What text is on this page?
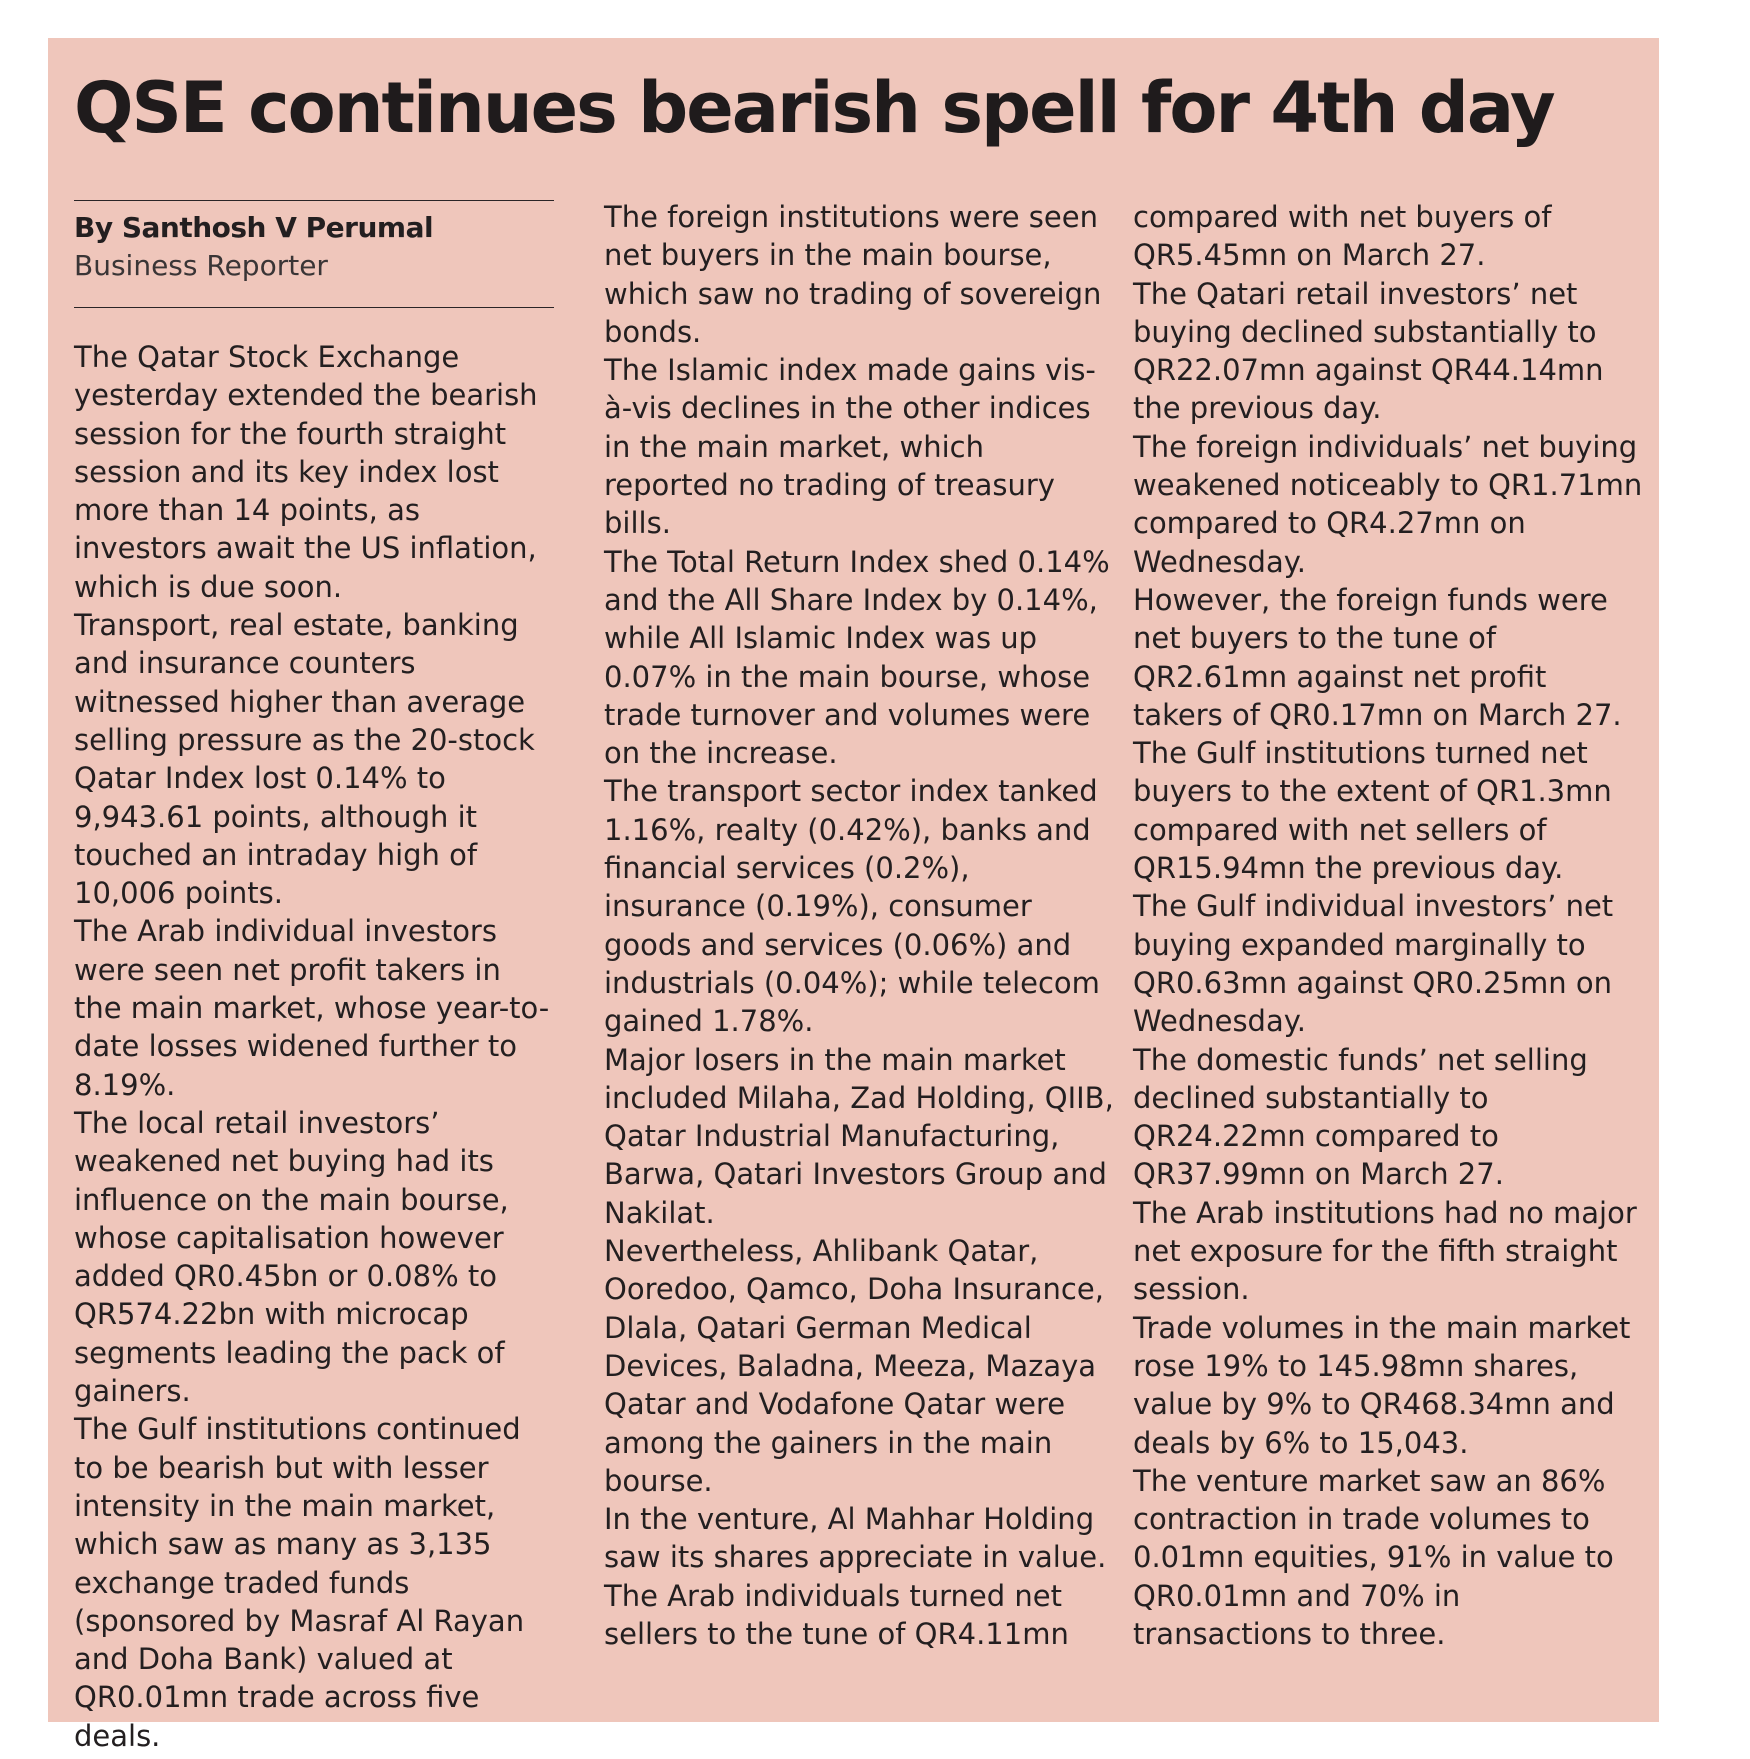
QSE continues bearish spell for 4th day
By Santhosh V Perumal
Business Reporter

The Qatar Stock Exchange yesterday extended the bearish session for the fourth straight session and its key index lost more than 14 points, as investors await the US inflation, which is due soon.

Transport, real estate, banking and insurance counters witnessed higher than average selling pressure as the 20-stock Qatar Index lost 0.14% to 9,943.61 points, although it touched an intraday high of 10,006 points.

The Arab individual investors were seen net profit takers in the main market, whose year-to-date losses widened further to 8.19%.

The local retail investors’ weakened net buying had its influence on the main bourse, whose capitalisation however added QR0.45bn or 0.08% to QR574.22bn with microcap segments leading the pack of gainers.

The Gulf institutions continued to be bearish but with lesser intensity in the main market, which saw as many as 3,135 exchange traded funds (sponsored by Masraf Al Rayan and Doha Bank) valued at QR0.01mn trade across five deals.

The foreign institutions were seen net buyers in the main bourse, which saw no trading of sovereign bonds.

The Islamic index made gains vis-à-vis declines in the other indices in the main market, which reported no trading of treasury bills.

The Total Return Index shed 0.14% and the All Share Index by 0.14%, while All Islamic Index was up 0.07% in the main bourse, whose trade turnover and volumes were on the increase.

The transport sector index tanked 1.16%, realty (0.42%), banks and financial services (0.2%), insurance (0.19%), consumer goods and services (0.06%) and industrials (0.04%); while telecom gained 1.78%.

Major losers in the main market included Milaha, Zad Holding, QIIB, Qatar Industrial Manufacturing, Barwa, Qatari Investors Group and Nakilat.

Nevertheless, Ahlibank Qatar, Ooredoo, Qamco, Doha Insurance, Dlala, Qatari German Medical Devices, Baladna, Meeza, Mazaya Qatar and Vodafone Qatar were among the gainers in the main bourse.

In the venture, Al Mahhar Holding saw its shares appreciate in value.

The Arab individuals turned net sellers to the tune of QR4.11mn

compared with net buyers of QR5.45mn on March 27.

The Qatari retail investors’ net buying declined substantially to QR22.07mn against QR44.14mn the previous day.

The foreign individuals’ net buying weakened noticeably to QR1.71mn compared to QR4.27mn on Wednesday.

However, the foreign funds were net buyers to the tune of QR2.61mn against net profit takers of QR0.17mn on March 27.

The Gulf institutions turned net buyers to the extent of QR1.3mn compared with net sellers of QR15.94mn the previous day.

The Gulf individual investors’ net buying expanded marginally to QR0.63mn against QR0.25mn on Wednesday.

The domestic funds’ net selling declined substantially to QR24.22mn compared to QR37.99mn on March 27.

The Arab institutions had no major net exposure for the fifth straight session.

Trade volumes in the main market rose 19% to 145.98mn shares, value by 9% to QR468.34mn and deals by 6% to 15,043.

The venture market saw an 86% contraction in trade volumes to 0.01mn equities, 91% in value to QR0.01mn and 70% in transactions to three.
